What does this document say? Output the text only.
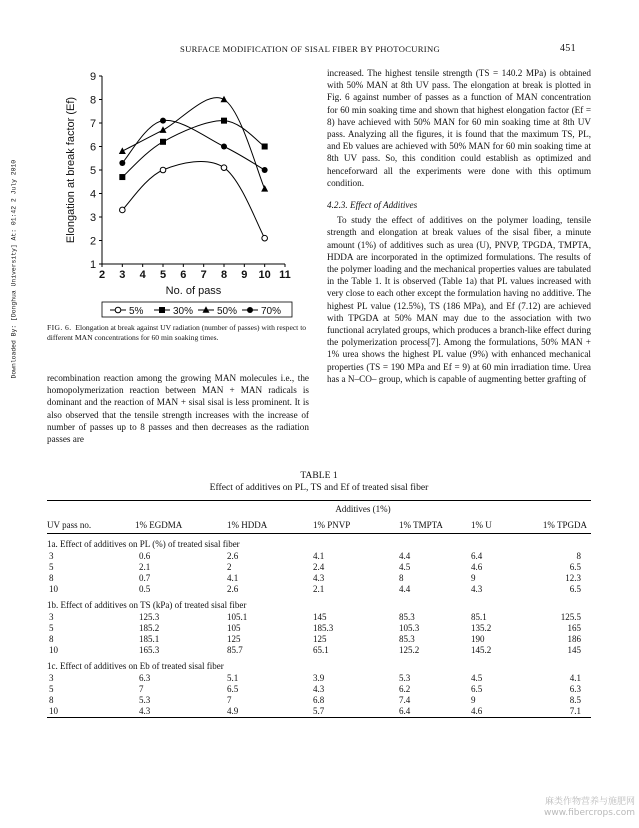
SURFACE MODIFICATION OF SISAL FIBER BY PHOTOCURING	451
Downloaded By: [Donghua University] At: 01:42 2 July 2010	2 3 4 5 6 7 8 9 10 11
1
2
3
4
5
6
7
8
9
No. of pass
Elongation at break factor (Ef)
5%	30% 50% 70%
FIG. 6. Elongation at break against UV radiation (number of passes) with respect to different MAN concentrations for 60 min soaking times.

recombination reaction among the growing MAN molecules i.e., the homopolymerization reaction between MAN + MAN radicals is dominant and the reaction of MAN + sisal sisal is less prominent. It is also observed that the tensile strength increases with the increase of number of passes up to 8 passes and then decreases as the radiation passes are

increased. The highest tensile strength (TS = 140.2 MPa) is obtained with 50% MAN at 8th UV pass. The elongation at break is plotted in Fig. 6 against number of passes as a function of MAN concentration for 60 min soaking time and shown that highest elongation factor (Ef = 8) have achieved with 50% MAN for 60 min soaking time at 8th UV pass. Analyzing all the figures, it is found that the maximum TS, PL, and Eb values are achieved with 50% MAN for 60 min soaking time at 8th UV pass. So, this condition could establish as optimized and henceforward all the experiments were done with this optimum condition.

4.2.3. Effect of Additives

To study the effect of additives on the polymer loading, tensile strength and elongation at break values of the sisal fiber, a minute amount (1%) of additives such as urea (U), PNVP, TPGDA, TMPTA, HDDA are incorporated in the optimized formulations. The results of the polymer loading and the mechanical properties values are tabulated in the Table 1. It is observed (Table 1a) that PL values increased with very close to each other except the formulation having no additive. The highest PL value (12.5%), TS (186 MPa), and Ef (7.12) are achieved with TPGDA at 50% MAN may due to the association with two functional acrylated groups, which produces a branch-like effect during the polymerization process[7]. Among the formulations, 50% MAN + 1% urea shows the highest PL value (9%) with enhanced mechanical properties (TS = 190 MPa and Ef = 9) at 60 min irradiation time. Urea has a N–CO– group, which is capable of augmenting better grafting of

TABLE 1
Effect of additives on PL, TS and Ef of treated sisal fiber
	Additives (1%)					
UV pass no.	1% EGDMA	1% HDDA	1% PNVP	1% TMPTA	1% U	1% TPGDA

1a. Effect of additives on PL (%) of treated sisal fiber						
3	0.6	2.6	4.1	4.4	6.4	8
5	2.1	2	2.4	4.5	4.6	6.5
8	0.7	4.1	4.3	8	9	12.3
10	0.5	2.6	2.1	4.4	4.3	6.5

1b. Effect of additives on TS (kPa) of treated sisal fiber						
3	125.3	105.1	145	85.3	85.1	125.5
5	185.2	105	185.3	105.3	135.2	165
8	185.1	125	125	85.3	190	186
10	165.3	85.7	65.1	125.2	145.2	145

1c. Effect of additives on Eb of treated sisal fiber						
3	6.3	5.1	3.9	5.3	4.5	4.1
5	7	6.5	4.3	6.2	6.5	6.3
8	5.3	7	6.8	7.4	9	8.5
10	4.3	4.9	5.7	6.4	4.6	7.1
麻类作物营养与施肥网
www.fibercrops.com
